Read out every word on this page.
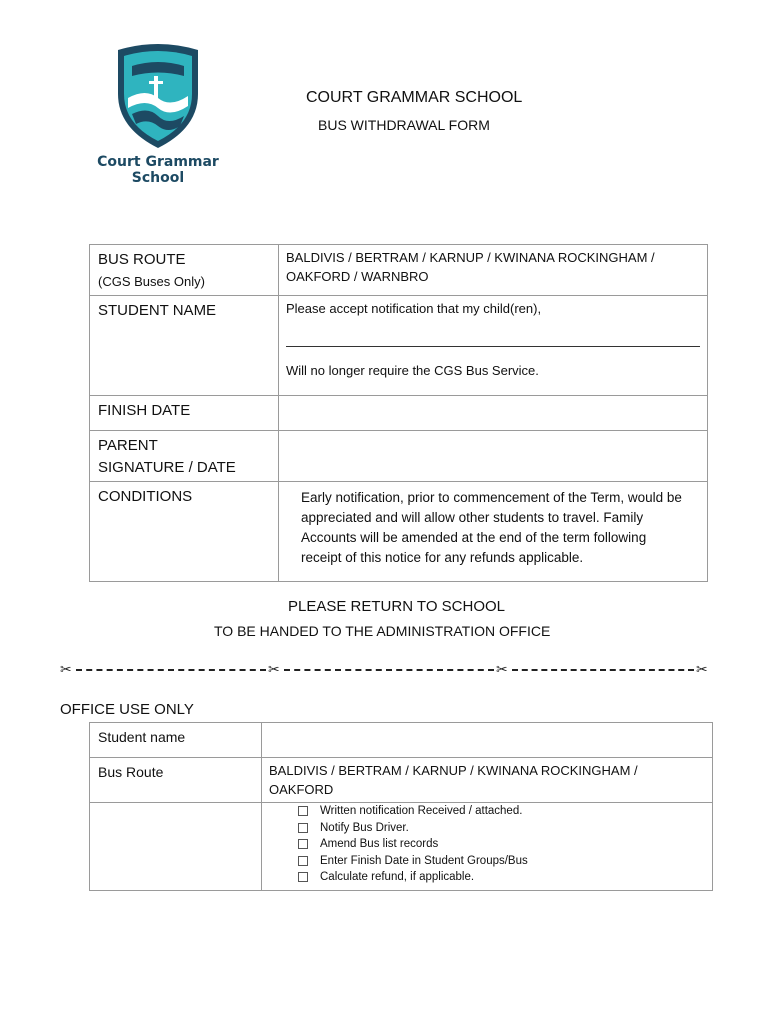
Court Grammar
School
COURT GRAMMAR SCHOOL
BUS WITHDRAWAL FORM
BUS ROUTE
(CGS Buses Only)	BALDIVIS / BERTRAM / KARNUP / KWINANA ROCKINGHAM / OAKFORD / WARNBRO
STUDENT NAME	Please accept notification that my child(ren),
Will no longer require the CGS Bus Service.

FINISH DATE	

PARENT
SIGNATURE / DATE	

CONDITIONS	Early notification, prior to commencement of the Term, would be appreciated and will allow other students to travel. Family Accounts will be amended at the end of the term following receipt of this notice for any refunds applicable.
PLEASE RETURN TO SCHOOL
TO BE HANDED TO THE ADMINISTRATION OFFICE
✂	✂	✂	✂
OFFICE USE ONLY
Student name	
Bus Route	BALDIVIS / BERTRAM / KARNUP / KWINANA ROCKINGHAM / OAKFORD

	Written notification Received / attached.
Notify Bus Driver.
Amend Bus list records
Enter Finish Date in Student Groups/Bus
Calculate refund, if applicable.
